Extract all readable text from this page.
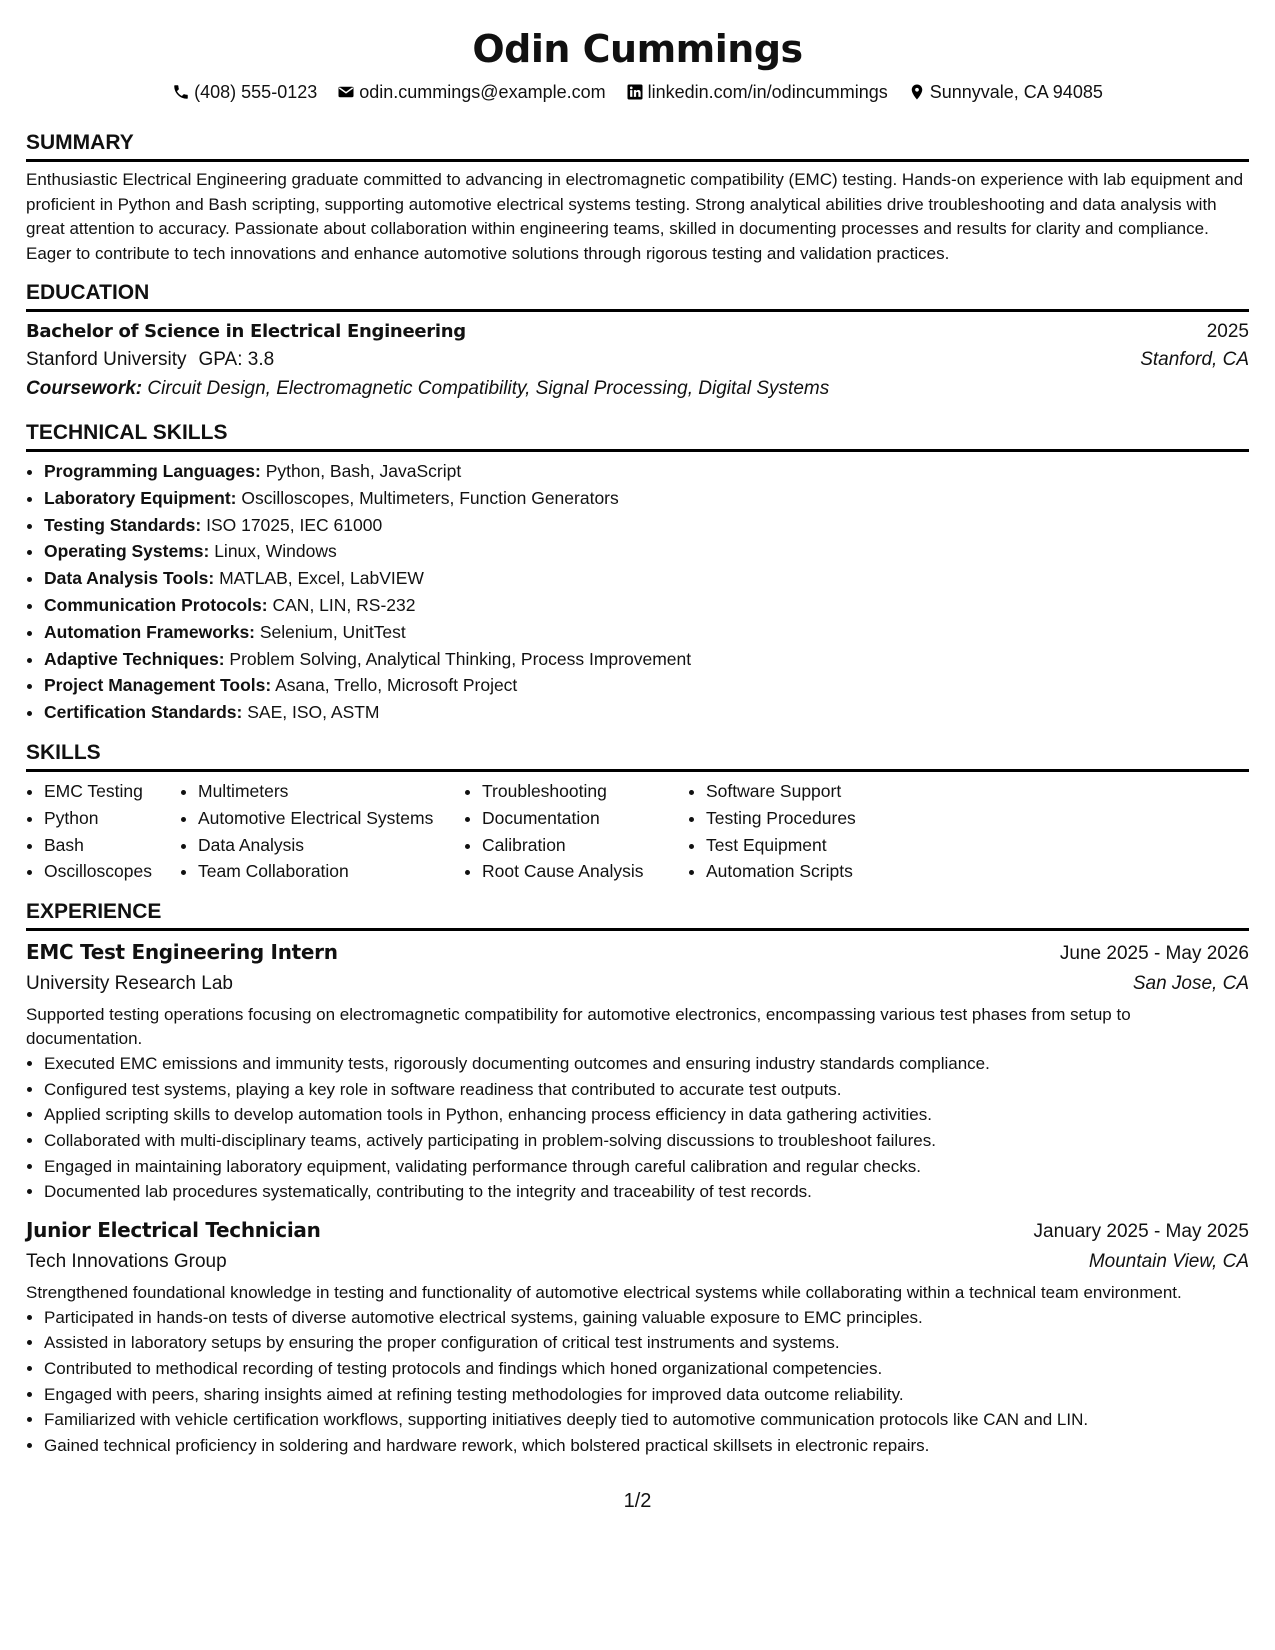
Odin Cummings
(408) 555-0123 odin.cummings@example.com linkedin.com/in/odincummings Sunnyvale, CA 94085
SUMMARY
Enthusiastic Electrical Engineering graduate committed to advancing in electromagnetic compatibility (EMC) testing. Hands-on experience with lab equipment and proficient in Python and Bash scripting, supporting automotive electrical systems testing. Strong analytical abilities drive troubleshooting and data analysis with great attention to accuracy. Passionate about collaboration within engineering teams, skilled in documenting processes and results for clarity and compliance. Eager to contribute to tech innovations and enhance automotive solutions through rigorous testing and validation practices.
EDUCATION
Bachelor of Science in Electrical Engineering	2025
Stanford University GPA: 3.8	Stanford, CA
Coursework: Circuit Design, Electromagnetic Compatibility, Signal Processing, Digital Systems
TECHNICAL SKILLS
• Programming Languages: Python, Bash, JavaScript
• Laboratory Equipment: Oscilloscopes, Multimeters, Function Generators
• Testing Standards: ISO 17025, IEC 61000
• Operating Systems: Linux, Windows
• Data Analysis Tools: MATLAB, Excel, LabVIEW
• Communication Protocols: CAN, LIN, RS-232
• Automation Frameworks: Selenium, UnitTest
• Adaptive Techniques: Problem Solving, Analytical Thinking, Process Improvement
• Project Management Tools: Asana, Trello, Microsoft Project
• Certification Standards: SAE, ISO, ASTM
SKILLS
• EMC Testing
• Python
• Bash
• Oscilloscopes
• Multimeters
• Automotive Electrical Systems
• Data Analysis
• Team Collaboration
• Troubleshooting
• Documentation
• Calibration
• Root Cause Analysis
• Software Support
• Testing Procedures
• Test Equipment
• Automation Scripts
EXPERIENCE
EMC Test Engineering Intern	June 2025 - May 2026
University Research Lab	San Jose, CA
Supported testing operations focusing on electromagnetic compatibility for automotive electronics, encompassing various test phases from setup to documentation.
• Executed EMC emissions and immunity tests, rigorously documenting outcomes and ensuring industry standards compliance.
• Configured test systems, playing a key role in software readiness that contributed to accurate test outputs.
• Applied scripting skills to develop automation tools in Python, enhancing process efficiency in data gathering activities.
• Collaborated with multi-disciplinary teams, actively participating in problem-solving discussions to troubleshoot failures.
• Engaged in maintaining laboratory equipment, validating performance through careful calibration and regular checks.
• Documented lab procedures systematically, contributing to the integrity and traceability of test records.
Junior Electrical Technician	January 2025 - May 2025
Tech Innovations Group	Mountain View, CA
Strengthened foundational knowledge in testing and functionality of automotive electrical systems while collaborating within a technical team environment.
• Participated in hands-on tests of diverse automotive electrical systems, gaining valuable exposure to EMC principles.
• Assisted in laboratory setups by ensuring the proper configuration of critical test instruments and systems.
• Contributed to methodical recording of testing protocols and findings which honed organizational competencies.
• Engaged with peers, sharing insights aimed at refining testing methodologies for improved data outcome reliability.
• Familiarized with vehicle certification workflows, supporting initiatives deeply tied to automotive communication protocols like CAN and LIN.
• Gained technical proficiency in soldering and hardware rework, which bolstered practical skillsets in electronic repairs.
1/2
